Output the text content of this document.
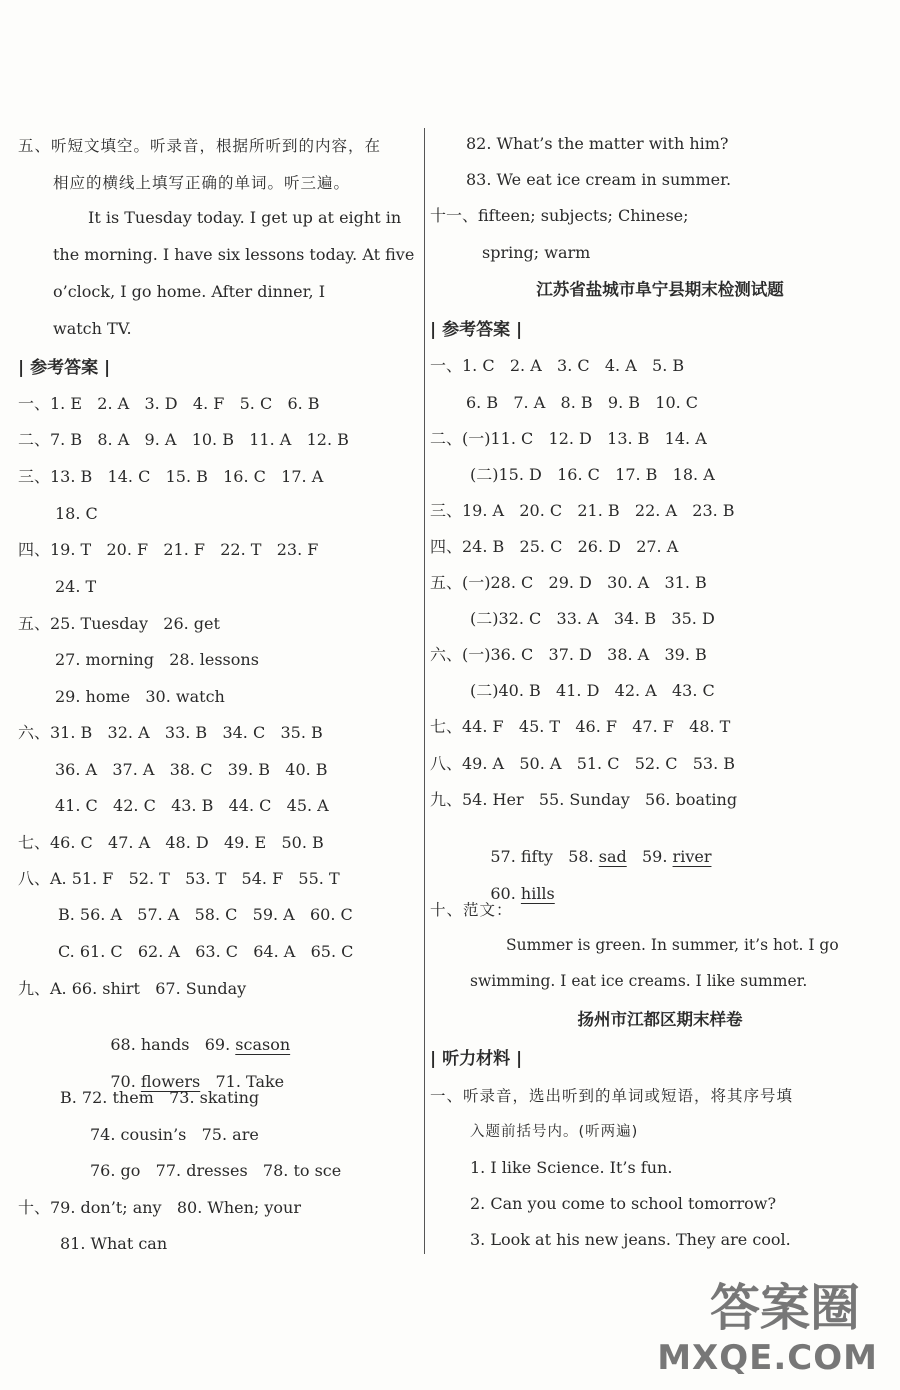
五、听短文填空。听录音，根据所听到的内容，在
相应的横线上填写正确的单词。听三遍。
It is Tuesday today. I get up at eight in
the morning. I have six lessons today. At five
o’clock, I go home. After dinner, I
watch TV.
| 参考答案 |
一、1. E   2. A   3. D   4. F   5. C   6. B
二、7. B   8. A   9. A   10. B   11. A   12. B
三、13. B   14. C   15. B   16. C   17. A
18. C
四、19. T   20. F   21. F   22. T   23. F
24. T
五、25. Tuesday   26. get
27. morning   28. lessons
29. home   30. watch
六、31. B   32. A   33. B   34. C   35. B
36. A   37. A   38. C   39. B   40. B
41. C   42. C   43. B   44. C   45. A
七、46. C   47. A   48. D   49. E   50. B
八、A. 51. F   52. T   53. T   54. F   55. T
B. 56. A   57. A   58. C   59. A   60. C
C. 61. C   62. A   63. C   64. A   65. C
九、A. 66. shirt   67. Sunday

68. hands   69. scason

70. flowers 71. Take

B. 72. them   73. skating
74. cousin’s   75. are
76. go   77. dresses   78. to sce
十、79. don’t; any   80. When; your
81. What can
82. What’s the matter with him?
83. We eat ice cream in summer.
十一、fifteen; subjects; Chinese;
spring; warm
江苏省盐城市阜宁县期末检测试题
| 参考答案 |
一、1. C   2. A   3. C   4. A   5. B
6. B   7. A   8. B   9. B   10. C
二、(一)11. C   12. D   13. B   14. A
(二)15. D   16. C   17. B   18. A
三、19. A   20. C   21. B   22. A   23. B
四、24. B   25. C   26. D   27. A
五、(一)28. C   29. D   30. A   31. B
(二)32. C   33. A   34. B   35. D
六、(一)36. C   37. D   38. A   39. B
(二)40. B   41. D   42. A   43. C
七、44. F   45. T   46. F   47. F   48. T
八、49. A   50. A   51. C   52. C   53. B
九、54. Her   55. Sunday   56. boating

57. fifty   58. sad 59. river

60. hills

十、范文：
Summer is green. In summer, it’s hot. I go
swimming. I eat ice creams. I like summer.
扬州市江都区期末样卷
| 听力材料 |
一、听录音，选出听到的单词或短语，将其序号填
入题前括号内。(听两遍)
1. I like Science. It’s fun.
2. Can you come to school tomorrow?
3. Look at his new jeans. They are cool.
答案圈
MXQE.COM
